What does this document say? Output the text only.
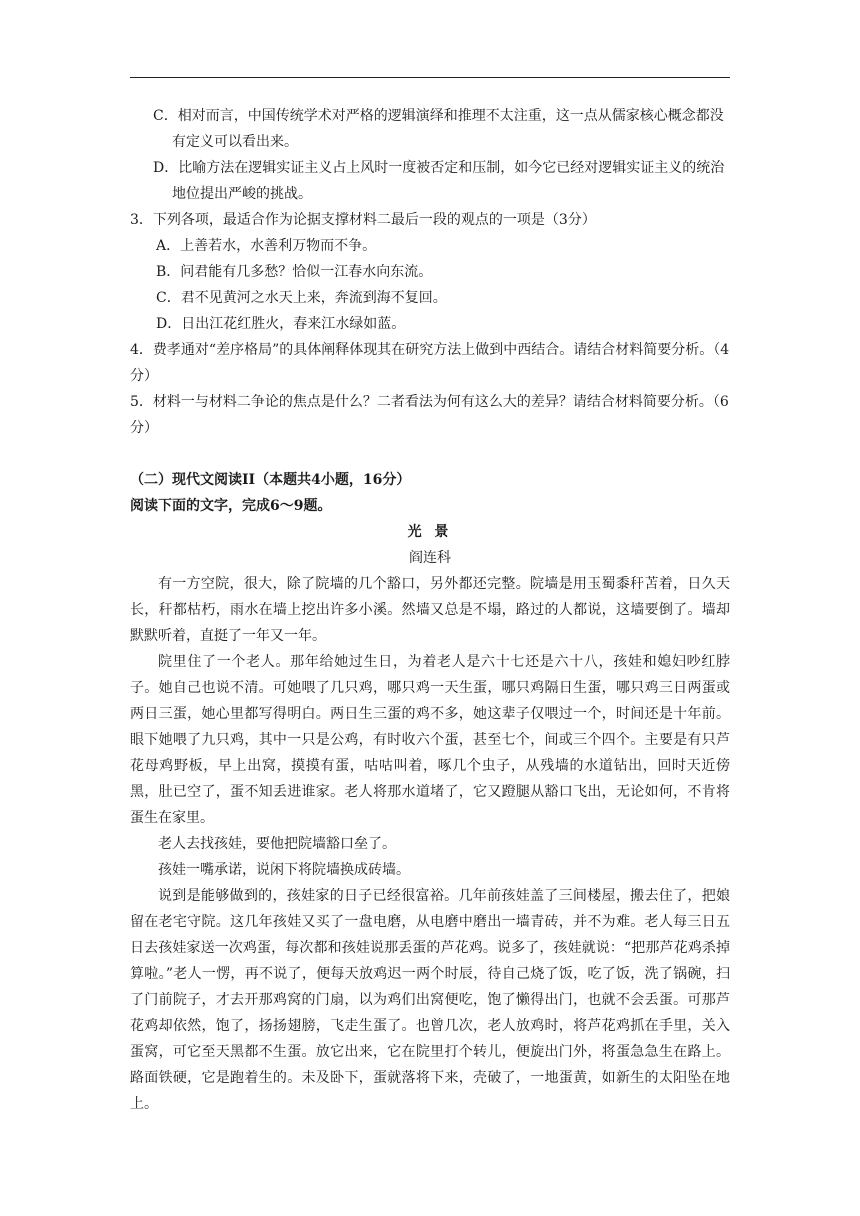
C．相对而言，中国传统学术对严格的逻辑演绎和推理不太注重，这一点从儒家核心概念都没有定义可以看出来。

D．比喻方法在逻辑实证主义占上风时一度被否定和压制，如今它已经对逻辑实证主义的统治地位提出严峻的挑战。

3．下列各项，最适合作为论据支撑材料二最后一段的观点的一项是（3分）

A．上善若水，水善利万物而不争。

B．问君能有几多愁？恰似一江春水向东流。

C．君不见黄河之水天上来，奔流到海不复回。

D．日出江花红胜火，春来江水绿如蓝。

4．费孝通对“差序格局”的具体阐释体现其在研究方法上做到中西结合。请结合材料简要分析。（4分）

5．材料一与材料二争论的焦点是什么？二者看法为何有这么大的差异？请结合材料简要分析。（6分）

（二）现代文阅读II（本题共4小题，16分）

阅读下面的文字，完成6～9题。

光 景

阎连科

有一方空院，很大，除了院墙的几个豁口，另外都还完整。院墙是用玉蜀黍秆苫着，日久天长，秆都枯朽，雨水在墙上挖出许多小溪。然墙又总是不塌，路过的人都说，这墙要倒了。墙却默默听着，直挺了一年又一年。

院里住了一个老人。那年给她过生日，为着老人是六十七还是六十八，孩娃和媳妇吵红脖子。她自己也说不清。可她喂了几只鸡，哪只鸡一天生蛋，哪只鸡隔日生蛋，哪只鸡三日两蛋或两日三蛋，她心里都写得明白。两日生三蛋的鸡不多，她这辈子仅喂过一个，时间还是十年前。眼下她喂了九只鸡，其中一只是公鸡，有时收六个蛋，甚至七个，间或三个四个。主要是有只芦花母鸡野板，早上出窝，摸摸有蛋，咕咕叫着，啄几个虫子，从残墙的水道钻出，回时天近傍黑，肚已空了，蛋不知丢进谁家。老人将那水道堵了，它又蹬腿从豁口飞出，无论如何，不肯将蛋生在家里。

老人去找孩娃，要他把院墙豁口垒了。

孩娃一嘴承诺，说闲下将院墙换成砖墙。

说到是能够做到的，孩娃家的日子已经很富裕。几年前孩娃盖了三间楼屋，搬去住了，把娘留在老宅守院。这几年孩娃又买了一盘电磨，从电磨中磨出一墙青砖，并不为难。老人每三日五日去孩娃家送一次鸡蛋，每次都和孩娃说那丢蛋的芦花鸡。说多了，孩娃就说：“把那芦花鸡杀掉算啦。”老人一愣，再不说了，便每天放鸡迟一两个时辰，待自己烧了饭，吃了饭，洗了锅碗，扫了门前院子，才去开那鸡窝的门扇，以为鸡们出窝便吃，饱了懒得出门，也就不会丢蛋。可那芦花鸡却依然，饱了，扬扬翅膀，飞走生蛋了。也曾几次，老人放鸡时，将芦花鸡抓在手里，关入蛋窝，可它至天黑都不生蛋。放它出来，它在院里打个转儿，便旋出门外，将蛋急急生在路上。路面铁硬，它是跑着生的。未及卧下，蛋就落将下来，壳破了，一地蛋黄，如新生的太阳坠在地上。
